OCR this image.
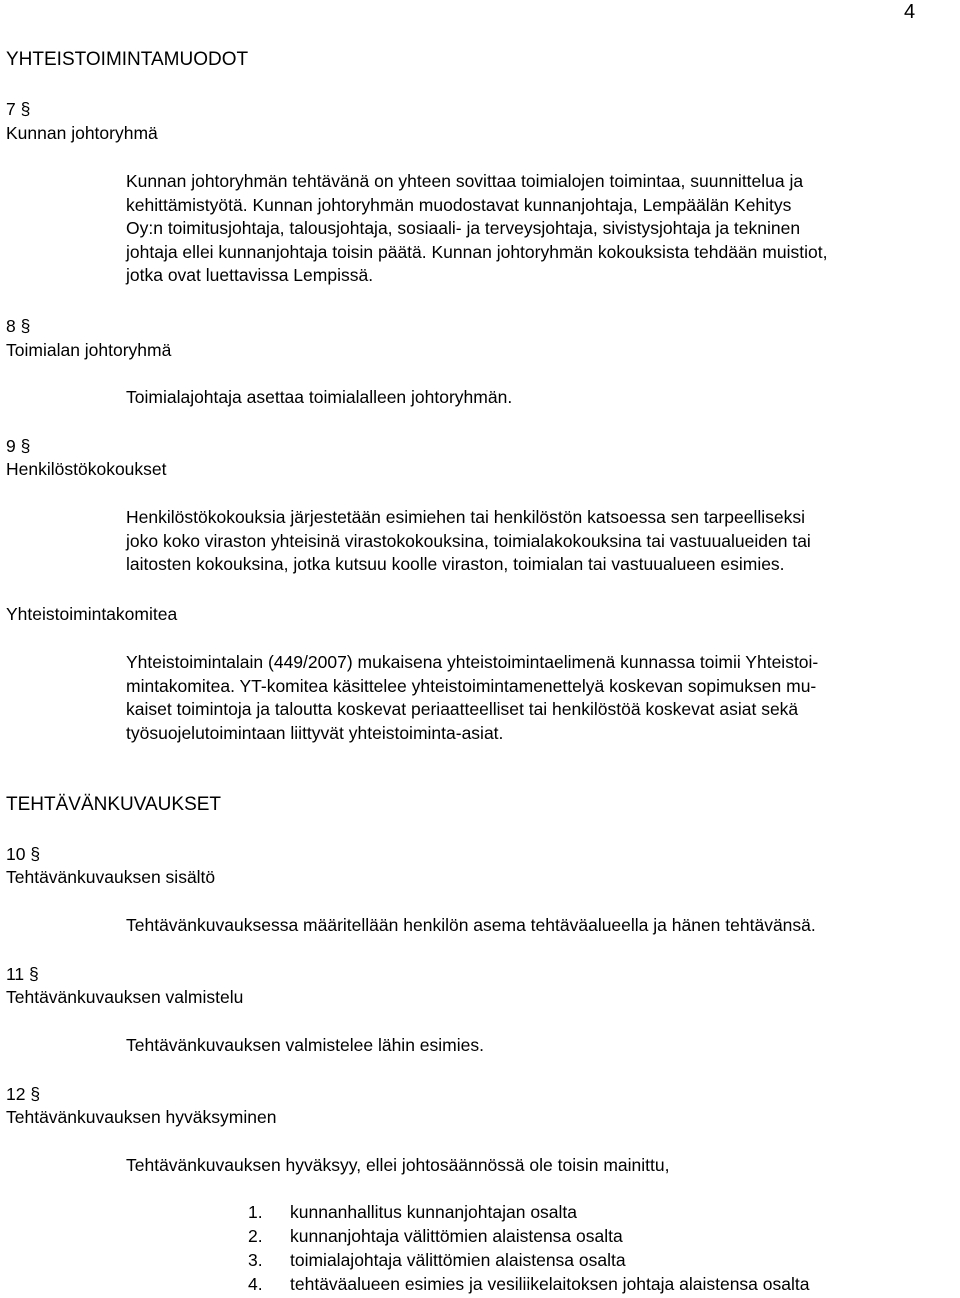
4
YHTEISTOIMINTAMUODOT
7 §
Kunnan johtoryhmä
Kunnan johtoryhmän tehtävänä on yhteen sovittaa toimialojen toimintaa, suunnittelua ja
kehittämistyötä. Kunnan johtoryhmän muodostavat kunnanjohtaja, Lempäälän Kehitys
Oy:n toimitusjohtaja, talousjohtaja, sosiaali- ja terveysjohtaja, sivistysjohtaja ja tekninen
johtaja ellei kunnanjohtaja toisin päätä. Kunnan johtoryhmän kokouksista tehdään muistiot,
jotka ovat luettavissa Lempissä.
8 §
Toimialan johtoryhmä
Toimialajohtaja asettaa toimialalleen johtoryhmän.
9 §
Henkilöstökokoukset
Henkilöstökokouksia järjestetään esimiehen tai henkilöstön katsoessa sen tarpeelliseksi
joko koko viraston yhteisinä virastokokouksina, toimialakokouksina tai vastuualueiden tai
laitosten kokouksina, jotka kutsuu koolle viraston, toimialan tai vastuualueen esimies.
Yhteistoimintakomitea
Yhteistoimintalain (449/2007) mukaisena yhteistoimintaelimenä kunnassa toimii Yhteistoi-
mintakomitea. YT-komitea käsittelee yhteistoimintamenettelyä koskevan sopimuksen mu-
kaiset toimintoja ja taloutta koskevat periaatteelliset tai henkilöstöä koskevat asiat sekä
työsuojelutoimintaan liittyvät yhteistoiminta-asiat.
TEHTÄVÄNKUVAUKSET
10 §
Tehtävänkuvauksen sisältö
Tehtävänkuvauksessa määritellään henkilön asema tehtäväalueella ja hänen tehtävänsä.
11 §
Tehtävänkuvauksen valmistelu
Tehtävänkuvauksen valmistelee lähin esimies.
12 §
Tehtävänkuvauksen hyväksyminen
Tehtävänkuvauksen hyväksyy, ellei johtosäännössä ole toisin mainittu,
1. kunnanhallitus kunnanjohtajan osalta
2. kunnanjohtaja välittömien alaistensa osalta
3. toimialajohtaja välittömien alaistensa osalta
4. tehtäväalueen esimies ja vesiliikelaitoksen johtaja alaistensa osalta
